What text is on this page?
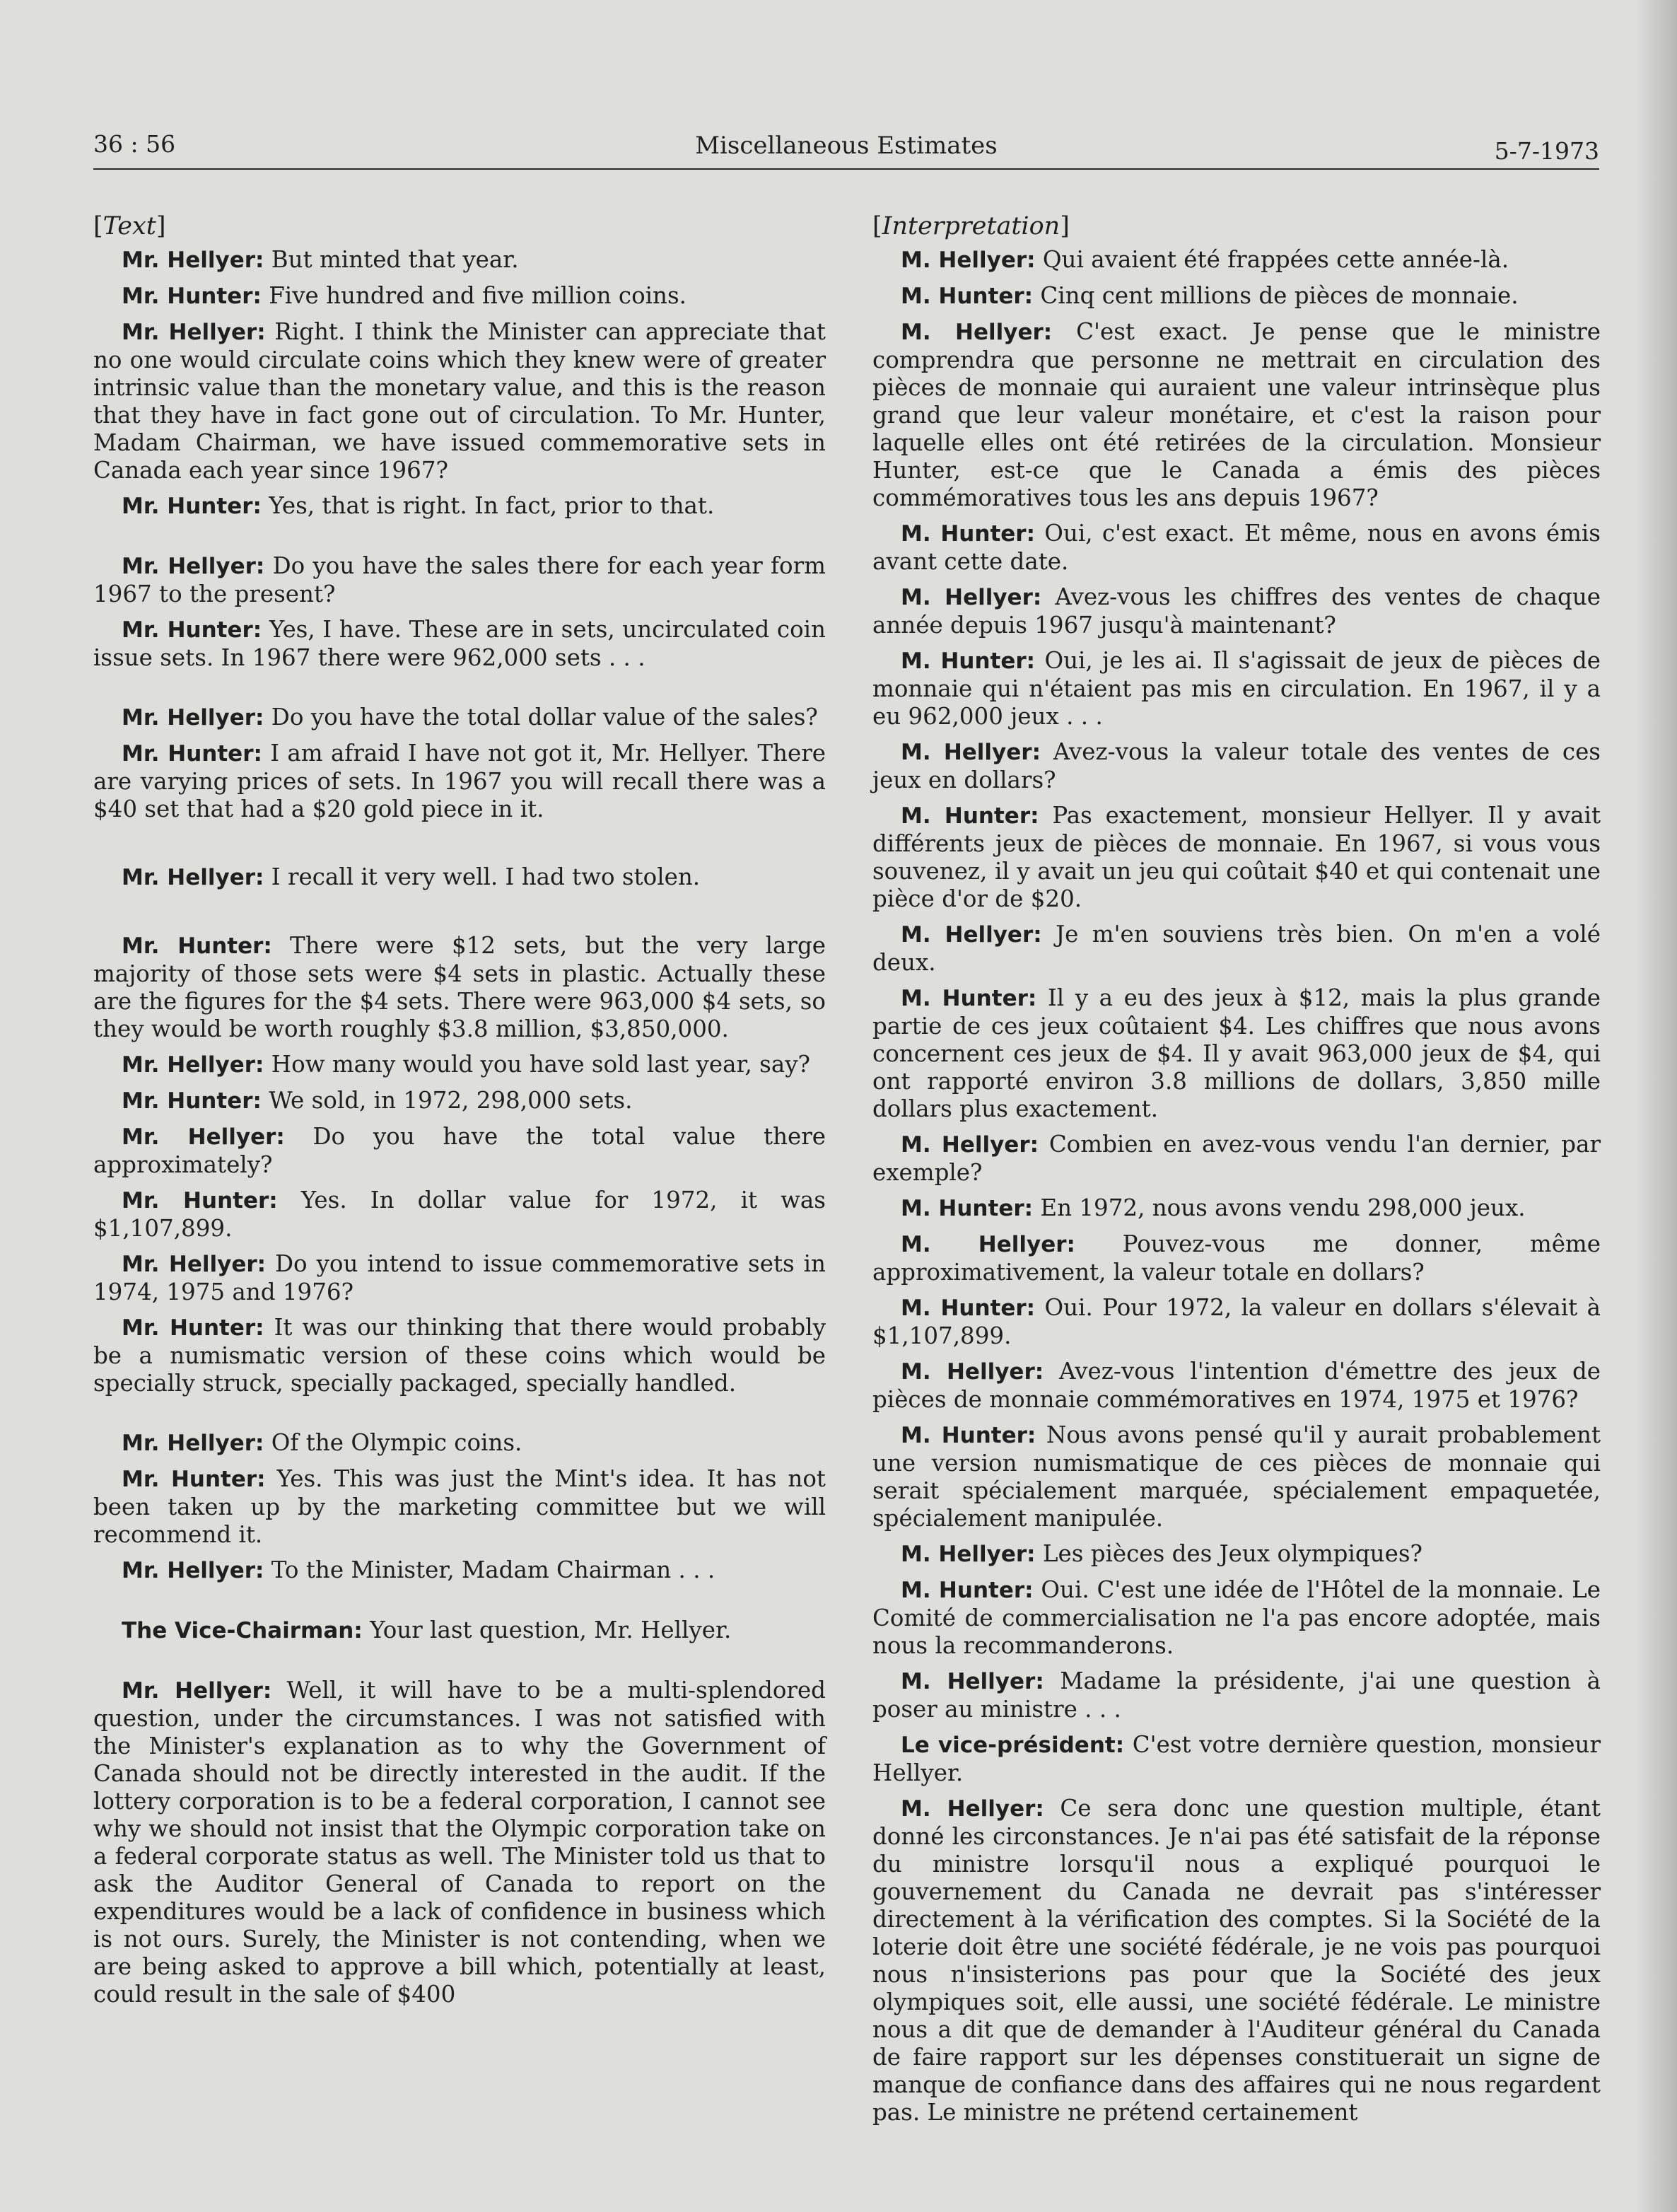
36 : 56	Miscellaneous Estimates	5-7-1973
[Text]
Mr. Hellyer: But minted that year.
Mr. Hunter: Five hundred and five million coins.
Mr. Hellyer: Right. I think the Minister can appreciate that no one would circulate coins which they knew were of greater intrinsic value than the monetary value, and this is the reason that they have in fact gone out of circulation. To Mr. Hunter, Madam Chairman, we have issued commemorative sets in Canada each year since 1967?
Mr. Hunter: Yes, that is right. In fact, prior to that.
Mr. Hellyer: Do you have the sales there for each year form 1967 to the present?
Mr. Hunter: Yes, I have. These are in sets, uncirculated coin issue sets. In 1967 there were 962,000 sets . . .
Mr. Hellyer: Do you have the total dollar value of the sales?
Mr. Hunter: I am afraid I have not got it, Mr. Hellyer. There are varying prices of sets. In 1967 you will recall there was a $40 set that had a $20 gold piece in it.
Mr. Hellyer: I recall it very well. I had two stolen.
Mr. Hunter: There were $12 sets, but the very large majority of those sets were $4 sets in plastic. Actually these are the figures for the $4 sets. There were 963,000 $4 sets, so they would be worth roughly $3.8 million, $3,850,000.
Mr. Hellyer: How many would you have sold last year, say?
Mr. Hunter: We sold, in 1972, 298,000 sets.
Mr. Hellyer: Do you have the total value there approximately?
Mr. Hunter: Yes. In dollar value for 1972, it was $1,107,899.
Mr. Hellyer: Do you intend to issue commemorative sets in 1974, 1975 and 1976?
Mr. Hunter: It was our thinking that there would probably be a numismatic version of these coins which would be specially struck, specially packaged, specially handled.
Mr. Hellyer: Of the Olympic coins.
Mr. Hunter: Yes. This was just the Mint's idea. It has not been taken up by the marketing committee but we will recommend it.
Mr. Hellyer: To the Minister, Madam Chairman . . .
The Vice-Chairman: Your last question, Mr. Hellyer.
Mr. Hellyer: Well, it will have to be a multi-splendored question, under the circumstances. I was not satisfied with the Minister's explanation as to why the Government of Canada should not be directly interested in the audit. If the lottery corporation is to be a federal corporation, I cannot see why we should not insist that the Olympic corporation take on a federal corporate status as well. The Minister told us that to ask the Auditor General of Canada to report on the expenditures would be a lack of confidence in business which is not ours. Surely, the Minister is not contending, when we are being asked to approve a bill which, potentially at least, could result in the sale of $400
[Interpretation]
M. Hellyer: Qui avaient été frappées cette année-là.
M. Hunter: Cinq cent millions de pièces de monnaie.
M. Hellyer: C'est exact. Je pense que le ministre comprendra que personne ne mettrait en circulation des pièces de monnaie qui auraient une valeur intrinsèque plus grand que leur valeur monétaire, et c'est la raison pour laquelle elles ont été retirées de la circulation. Monsieur Hunter, est-ce que le Canada a émis des pièces commémoratives tous les ans depuis 1967?
M. Hunter: Oui, c'est exact. Et même, nous en avons émis avant cette date.
M. Hellyer: Avez-vous les chiffres des ventes de chaque année depuis 1967 jusqu'à maintenant?
M. Hunter: Oui, je les ai. Il s'agissait de jeux de pièces de monnaie qui n'étaient pas mis en circulation. En 1967, il y a eu 962,000 jeux . . .
M. Hellyer: Avez-vous la valeur totale des ventes de ces jeux en dollars?
M. Hunter: Pas exactement, monsieur Hellyer. Il y avait différents jeux de pièces de monnaie. En 1967, si vous vous souvenez, il y avait un jeu qui coûtait $40 et qui contenait une pièce d'or de $20.
M. Hellyer: Je m'en souviens très bien. On m'en a volé deux.
M. Hunter: Il y a eu des jeux à $12, mais la plus grande partie de ces jeux coûtaient $4. Les chiffres que nous avons concernent ces jeux de $4. Il y avait 963,000 jeux de $4, qui ont rapporté environ 3.8 millions de dollars, 3,850 mille dollars plus exactement.
M. Hellyer: Combien en avez-vous vendu l'an dernier, par exemple?
M. Hunter: En 1972, nous avons vendu 298,000 jeux.
M. Hellyer: Pouvez-vous me donner, même approximativement, la valeur totale en dollars?
M. Hunter: Oui. Pour 1972, la valeur en dollars s'élevait à $1,107,899.
M. Hellyer: Avez-vous l'intention d'émettre des jeux de pièces de monnaie commémoratives en 1974, 1975 et 1976?
M. Hunter: Nous avons pensé qu'il y aurait probablement une version numismatique de ces pièces de monnaie qui serait spécialement marquée, spécialement empaquetée, spécialement manipulée.
M. Hellyer: Les pièces des Jeux olympiques?
M. Hunter: Oui. C'est une idée de l'Hôtel de la monnaie. Le Comité de commercialisation ne l'a pas encore adoptée, mais nous la recommanderons.
M. Hellyer: Madame la présidente, j'ai une question à poser au ministre . . .
Le vice-président: C'est votre dernière question, monsieur Hellyer.
M. Hellyer: Ce sera donc une question multiple, étant donné les circonstances. Je n'ai pas été satisfait de la réponse du ministre lorsqu'il nous a expliqué pourquoi le gouvernement du Canada ne devrait pas s'intéresser directement à la vérification des comptes. Si la Société de la loterie doit être une société fédérale, je ne vois pas pourquoi nous n'insisterions pas pour que la Société des jeux olympiques soit, elle aussi, une société fédérale. Le ministre nous a dit que de demander à l'Auditeur général du Canada de faire rapport sur les dépenses constituerait un signe de manque de confiance dans des affaires qui ne nous regardent pas. Le ministre ne prétend certainement
